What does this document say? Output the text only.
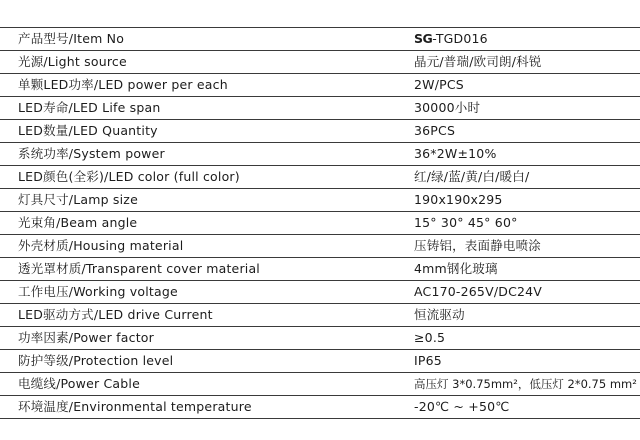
产品型号/Item No	SG-TGD016
光源/Light source	晶元/普瑞/欧司朗/科锐
单颗LED功率/LED power per each	2W/PCS
LED寿命/LED Life span	30000小时
LED数量/LED Quantity	36PCS
系统功率/System power	36*2W±10%
LED颜色(全彩)/LED color (full color)	红/绿/蓝/黄/白/暖白/
灯具尺寸/Lamp size	190x190x295
光束角/Beam angle	15° 30° 45° 60°
外壳材质/Housing material	压铸铝，表面静电喷涂
透光罩材质/Transparent cover material	4mm钢化玻璃
工作电压/Working voltage	AC170-265V/DC24V
LED驱动方式/LED drive Current	恒流驱动
功率因素/Power factor	≥0.5
防护等级/Protection level	IP65
电缆线/Power Cable	高压灯 3*0.75mm²，低压灯 2*0.75 mm²
环境温度/Environmental temperature	-20℃ ~ +50℃
